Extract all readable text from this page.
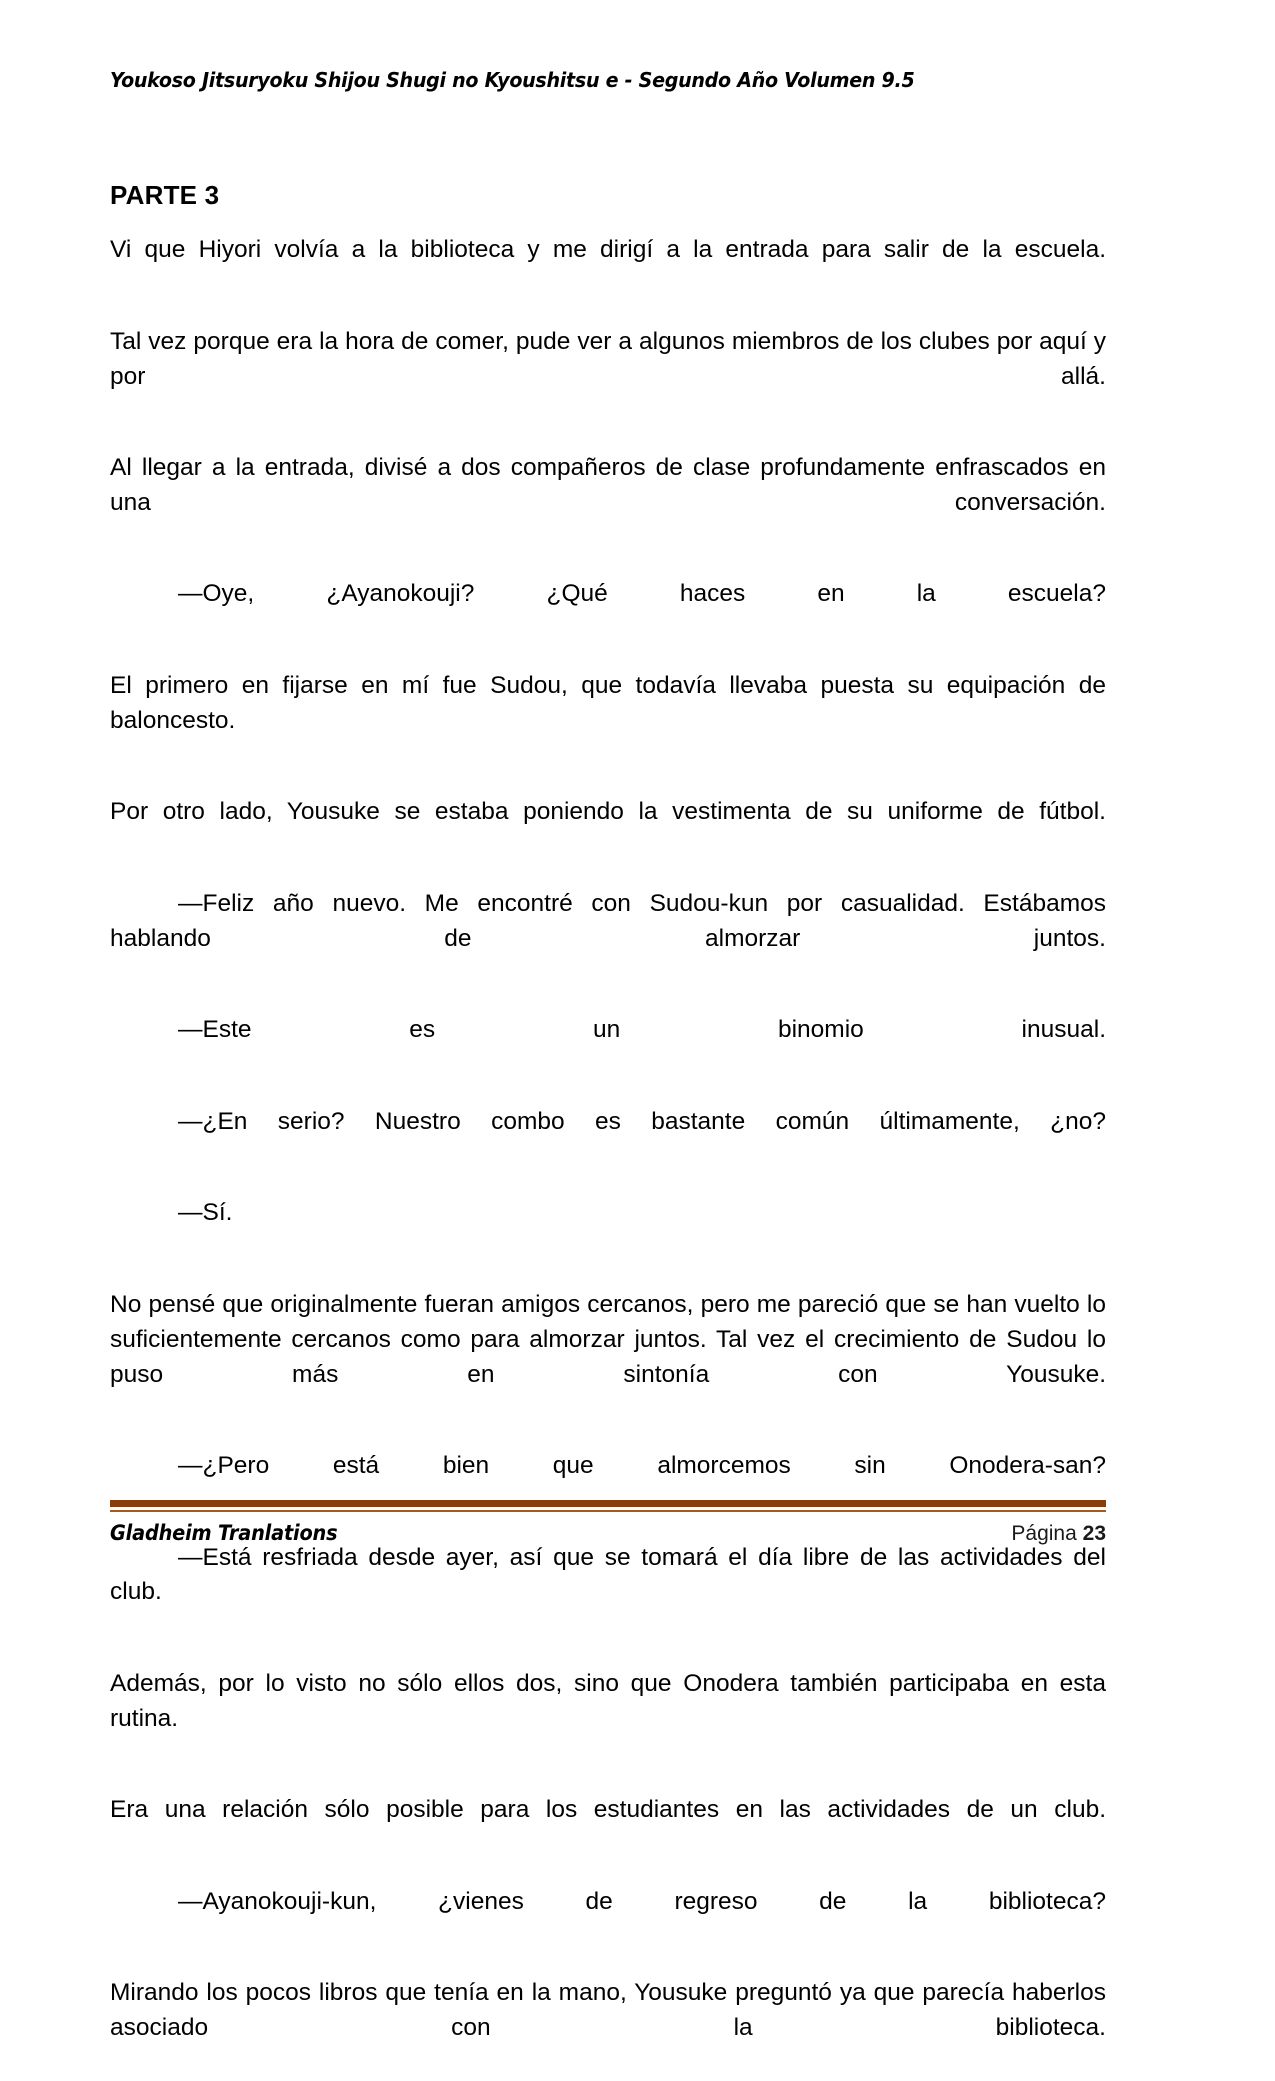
Youkoso Jitsuryoku Shijou Shugi no Kyoushitsu e - Segundo Año Volumen 9.5
PARTE 3

Vi que Hiyori volvía a la biblioteca y me dirigí a la entrada para salir de la escuela.

Tal vez porque era la hora de comer, pude ver a algunos miembros de los clubes por aquí y por allá.

Al llegar a la entrada, divisé a dos compañeros de clase profundamente enfrascados en una conversación.

—Oye, ¿Ayanokouji? ¿Qué haces en la escuela?

El primero en fijarse en mí fue Sudou, que todavía llevaba puesta su equipación de baloncesto.

Por otro lado, Yousuke se estaba poniendo la vestimenta de su uniforme de fútbol.

—Feliz año nuevo. Me encontré con Sudou-kun por casualidad. Estábamos hablando de almorzar juntos.

—Este es un binomio inusual.

—¿En serio? Nuestro combo es bastante común últimamente, ¿no?

—Sí.

No pensé que originalmente fueran amigos cercanos, pero me pareció que se han vuelto lo suficientemente cercanos como para almorzar juntos. Tal vez el crecimiento de Sudou lo puso más en sintonía con Yousuke.

—¿Pero está bien que almorcemos sin Onodera-san?

—Está resfriada desde ayer, así que se tomará el día libre de las actividades del club.

Además, por lo visto no sólo ellos dos, sino que Onodera también participaba en esta rutina.

Era una relación sólo posible para los estudiantes en las actividades de un club.

—Ayanokouji-kun, ¿vienes de regreso de la biblioteca?

Mirando los pocos libros que tenía en la mano, Yousuke preguntó ya que parecía haberlos asociado con la biblioteca.

Gladheim Tranlations	Página 23
